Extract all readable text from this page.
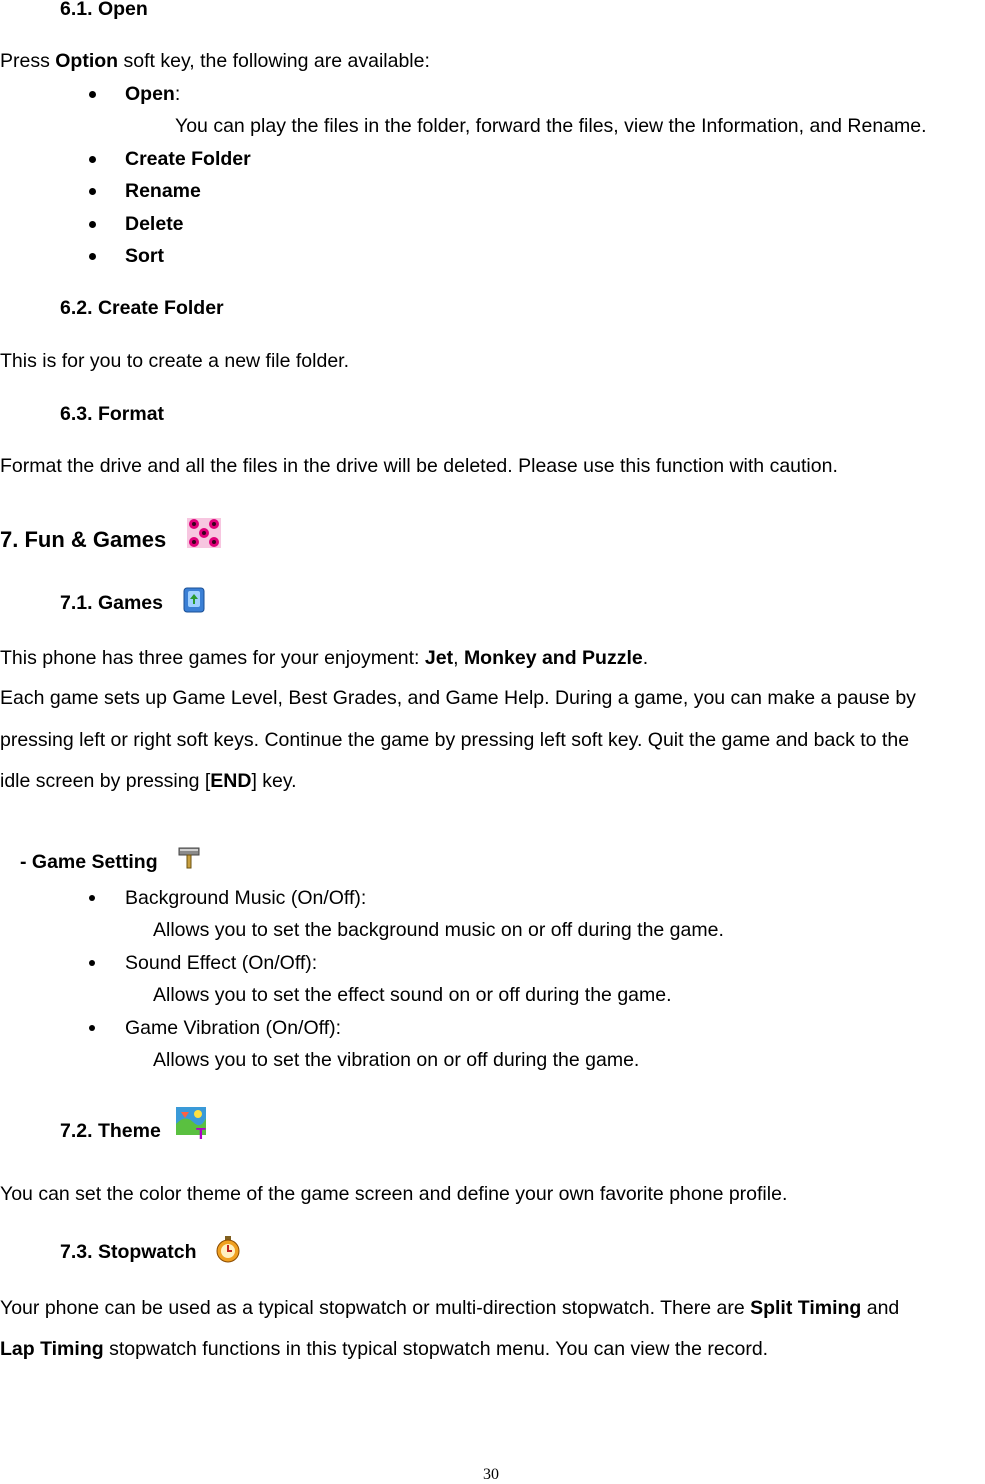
6.1. Open
Press Option soft key, the following are available:
Open:
You can play the files in the folder, forward the files, view the Information, and Rename.
Create Folder
Rename
Delete
Sort
6.2. Create Folder
This is for you to create a new file folder.
6.3. Format
Format the drive and all the files in the drive will be deleted. Please use this function with caution.
7. Fun & Games
7.1. Games
This phone has three games for your enjoyment: Jet, Monkey and Puzzle.
Each game sets up Game Level, Best Grades, and Game Help. During a game, you can make a pause by
pressing left or right soft keys. Continue the game by pressing left soft key. Quit the game and back to the
idle screen by pressing [END] key.
- Game Setting
Background Music (On/Off):
Allows you to set the background music on or off during the game.
Sound Effect (On/Off):
Allows you to set the effect sound on or off during the game.
Game Vibration (On/Off):
Allows you to set the vibration on or off during the game.
7.2. Theme T
You can set the color theme of the game screen and define your own favorite phone profile.
7.3. Stopwatch
Your phone can be used as a typical stopwatch or multi-direction stopwatch. There are Split Timing and
Lap Timing stopwatch functions in this typical stopwatch menu. You can view the record.
30
